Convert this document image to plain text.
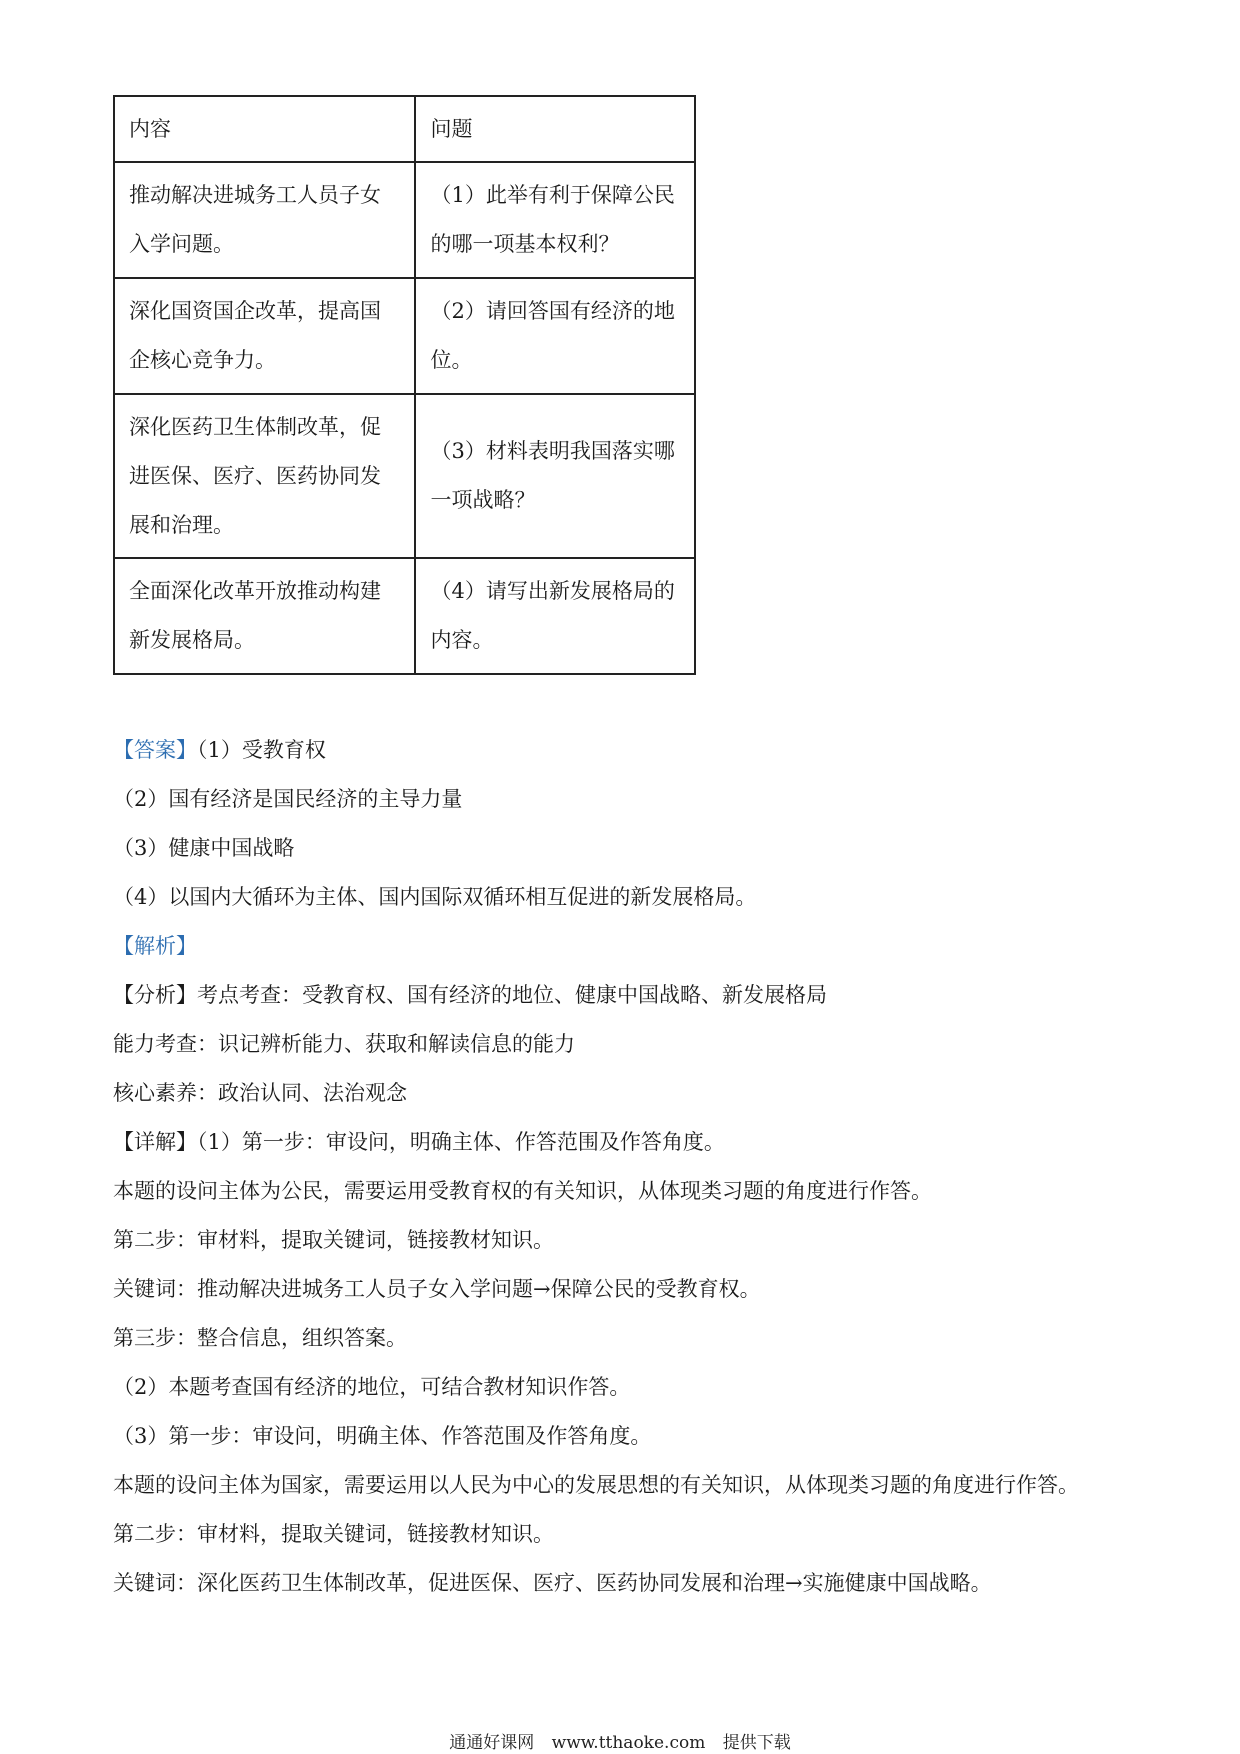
内容	问题
推动解决进城务工人员子女入学问题。	（1）此举有利于保障公民的哪一项基本权利？
深化国资国企改革，提高国企核心竞争力。	（2）请回答国有经济的地位。
深化医药卫生体制改革，促进医保、医疗、医药协同发展和治理。	（3）材料表明我国落实哪一项战略？
全面深化改革开放推动构建新发展格局。	（4）请写出新发展格局的内容。

【答案】（1）受教育权

（2）国有经济是国民经济的主导力量

（3）健康中国战略

（4）以国内大循环为主体、国内国际双循环相互促进的新发展格局。

【解析】

【分析】考点考查：受教育权、国有经济的地位、健康中国战略、新发展格局

能力考查：识记辨析能力、获取和解读信息的能力

核心素养：政治认同、法治观念

【详解】（1）第一步：审设问，明确主体、作答范围及作答角度。

本题的设问主体为公民，需要运用受教育权的有关知识，从体现类习题的角度进行作答。

第二步：审材料，提取关键词，链接教材知识。

关键词：推动解决进城务工人员子女入学问题→保障公民的受教育权。

第三步：整合信息，组织答案。

（2）本题考查国有经济的地位，可结合教材知识作答。

（3）第一步：审设问，明确主体、作答范围及作答角度。

本题的设问主体为国家，需要运用以人民为中心的发展思想的有关知识，从体现类习题的角度进行作答。

第二步：审材料，提取关键词，链接教材知识。

关键词：深化医药卫生体制改革，促进医保、医疗、医药协同发展和治理→实施健康中国战略。

通通好课网 www.tthaoke.com 提供下载
